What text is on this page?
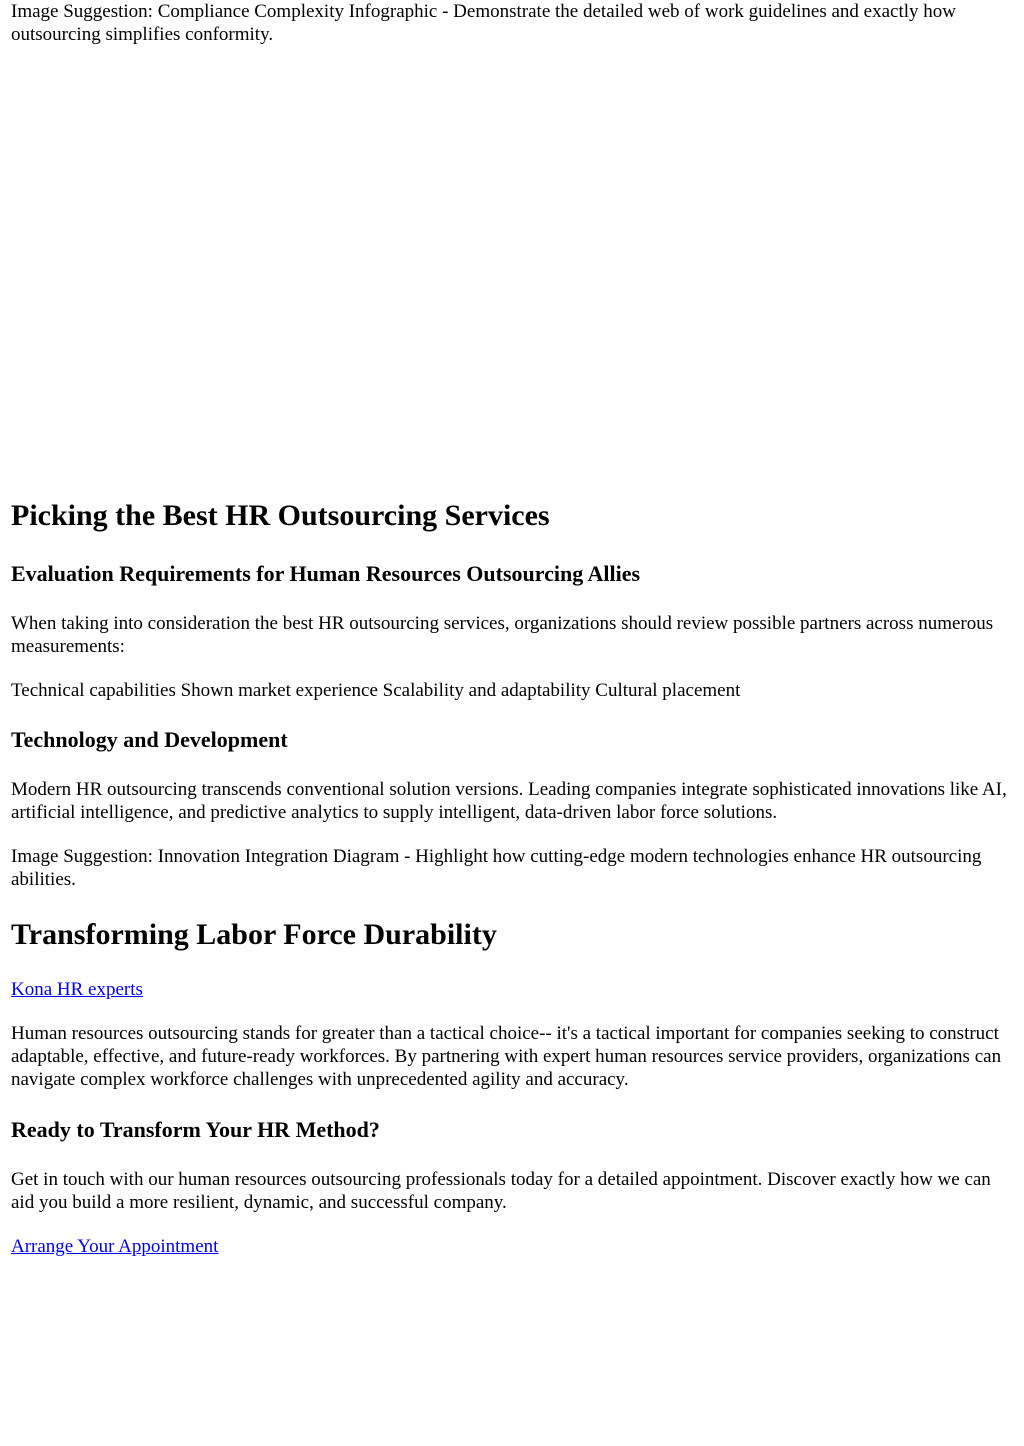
Image Suggestion: Compliance Complexity Infographic - Demonstrate the detailed web of work guidelines and exactly how outsourcing simplifies conformity.

Picking the Best HR Outsourcing Services
Evaluation Requirements for Human Resources Outsourcing Allies

When taking into consideration the best HR outsourcing services, organizations should review possible partners across numerous measurements:

Technical capabilities Shown market experience Scalability and adaptability Cultural placement

Technology and Development

Modern HR outsourcing transcends conventional solution versions. Leading companies integrate sophisticated innovations like AI, artificial intelligence, and predictive analytics to supply intelligent, data-driven labor force solutions.

Image Suggestion: Innovation Integration Diagram - Highlight how cutting-edge modern technologies enhance HR outsourcing abilities.

Transforming Labor Force Durability

Kona HR experts

Human resources outsourcing stands for greater than a tactical choice-- it's a tactical important for companies seeking to construct adaptable, effective, and future-ready workforces. By partnering with expert human resources service providers, organizations can navigate complex workforce challenges with unprecedented agility and accuracy.

Ready to Transform Your HR Method?

Get in touch with our human resources outsourcing professionals today for a detailed appointment. Discover exactly how we can aid you build a more resilient, dynamic, and successful company.

Arrange Your Appointment
